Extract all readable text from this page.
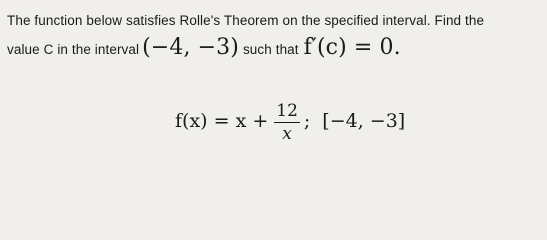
The function below satisfies Rolle's Theorem on the specified interval. Find the
value C in the interval (−4, −3) such that f′(c) = 0.
$f(x) = x + \frac{12}{x}$ ; [−4, −3]
